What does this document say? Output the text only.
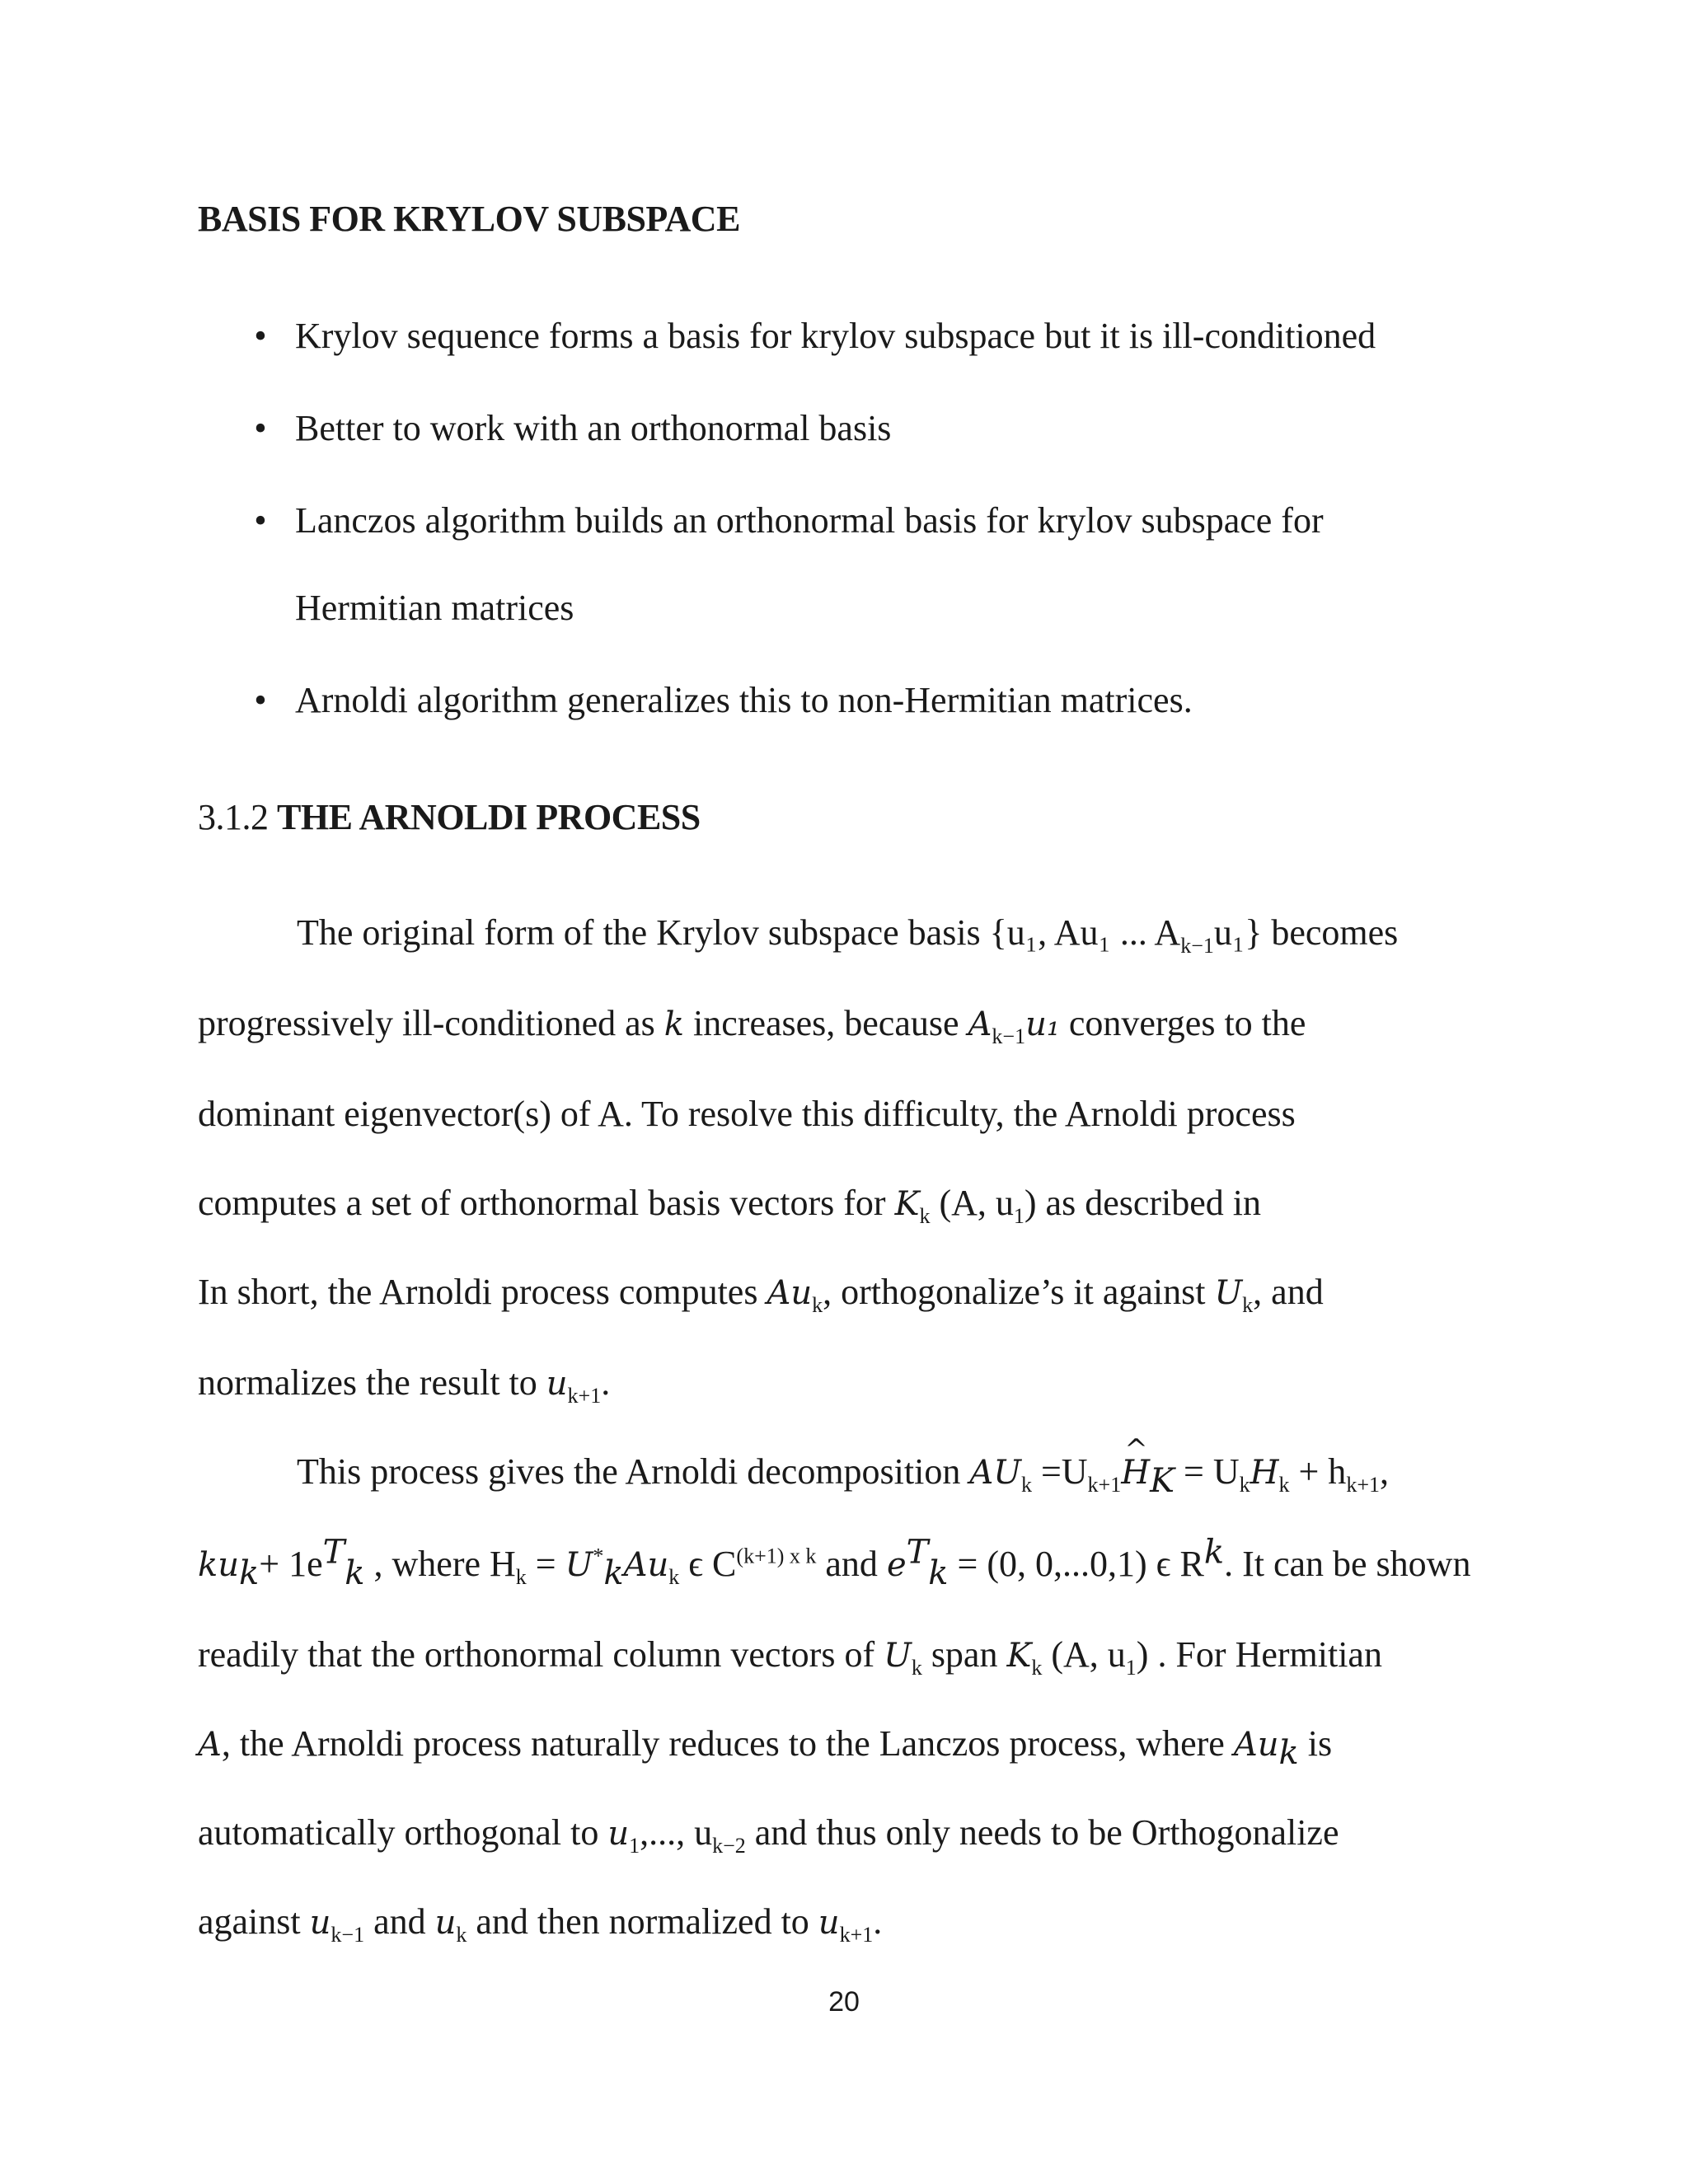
BASIS FOR KRYLOV SUBSPACE
• Krylov sequence forms a basis for krylov subspace but it is ill-conditioned
• Better to work with an orthonormal basis
• Lanczos algorithm builds an orthonormal basis for krylov subspace for
Hermitian matrices
• Arnoldi algorithm generalizes this to non-Hermitian matrices.
3.1.2 THE ARNOLDI PROCESS
The original form of the Krylov subspace basis {u₁, Au₁ ... $A_{k-1}u_1$} becomes
progressively ill-conditioned as k increases, because $A_{k-1}u_1$ converges to the
dominant eigenvector(s) of A. To resolve this difficulty, the Arnoldi process
computes a set of orthonormal basis vectors for $K_k$ (A, $u_1$) as described in
In short, the Arnoldi process computes $Au_k$, orthogonalize’s it against $U_k$, and
normalizes the result to $u_{k+1}$.
This process gives the Arnoldi decomposition $AU_k$ $=U_{k+1}\^{}$ $H_K = U_kH_k + h_{k+1}$,
$ku_k+ 1e^T_k$ , where $H_k = U^*_kAu_k$ ϵ $C^{(k+1) x k}$ and $e^T_k = (0$, 0,...0,1) ϵ $R^k$. It can be shown
readily that the orthonormal column vectors of $U_k$ span $K_k$ (A, $u_1$) . For Hermitian
A, the Arnoldi process naturally reduces to the Lanczos process, where $Au_k$ is
automatically orthogonal to $u_1$,..., $u_{k-2}$ and thus only needs to be Orthogonalize
against $u_{k-1}$ and $u_k$ and then normalized to $u_{k+1}$.
20
